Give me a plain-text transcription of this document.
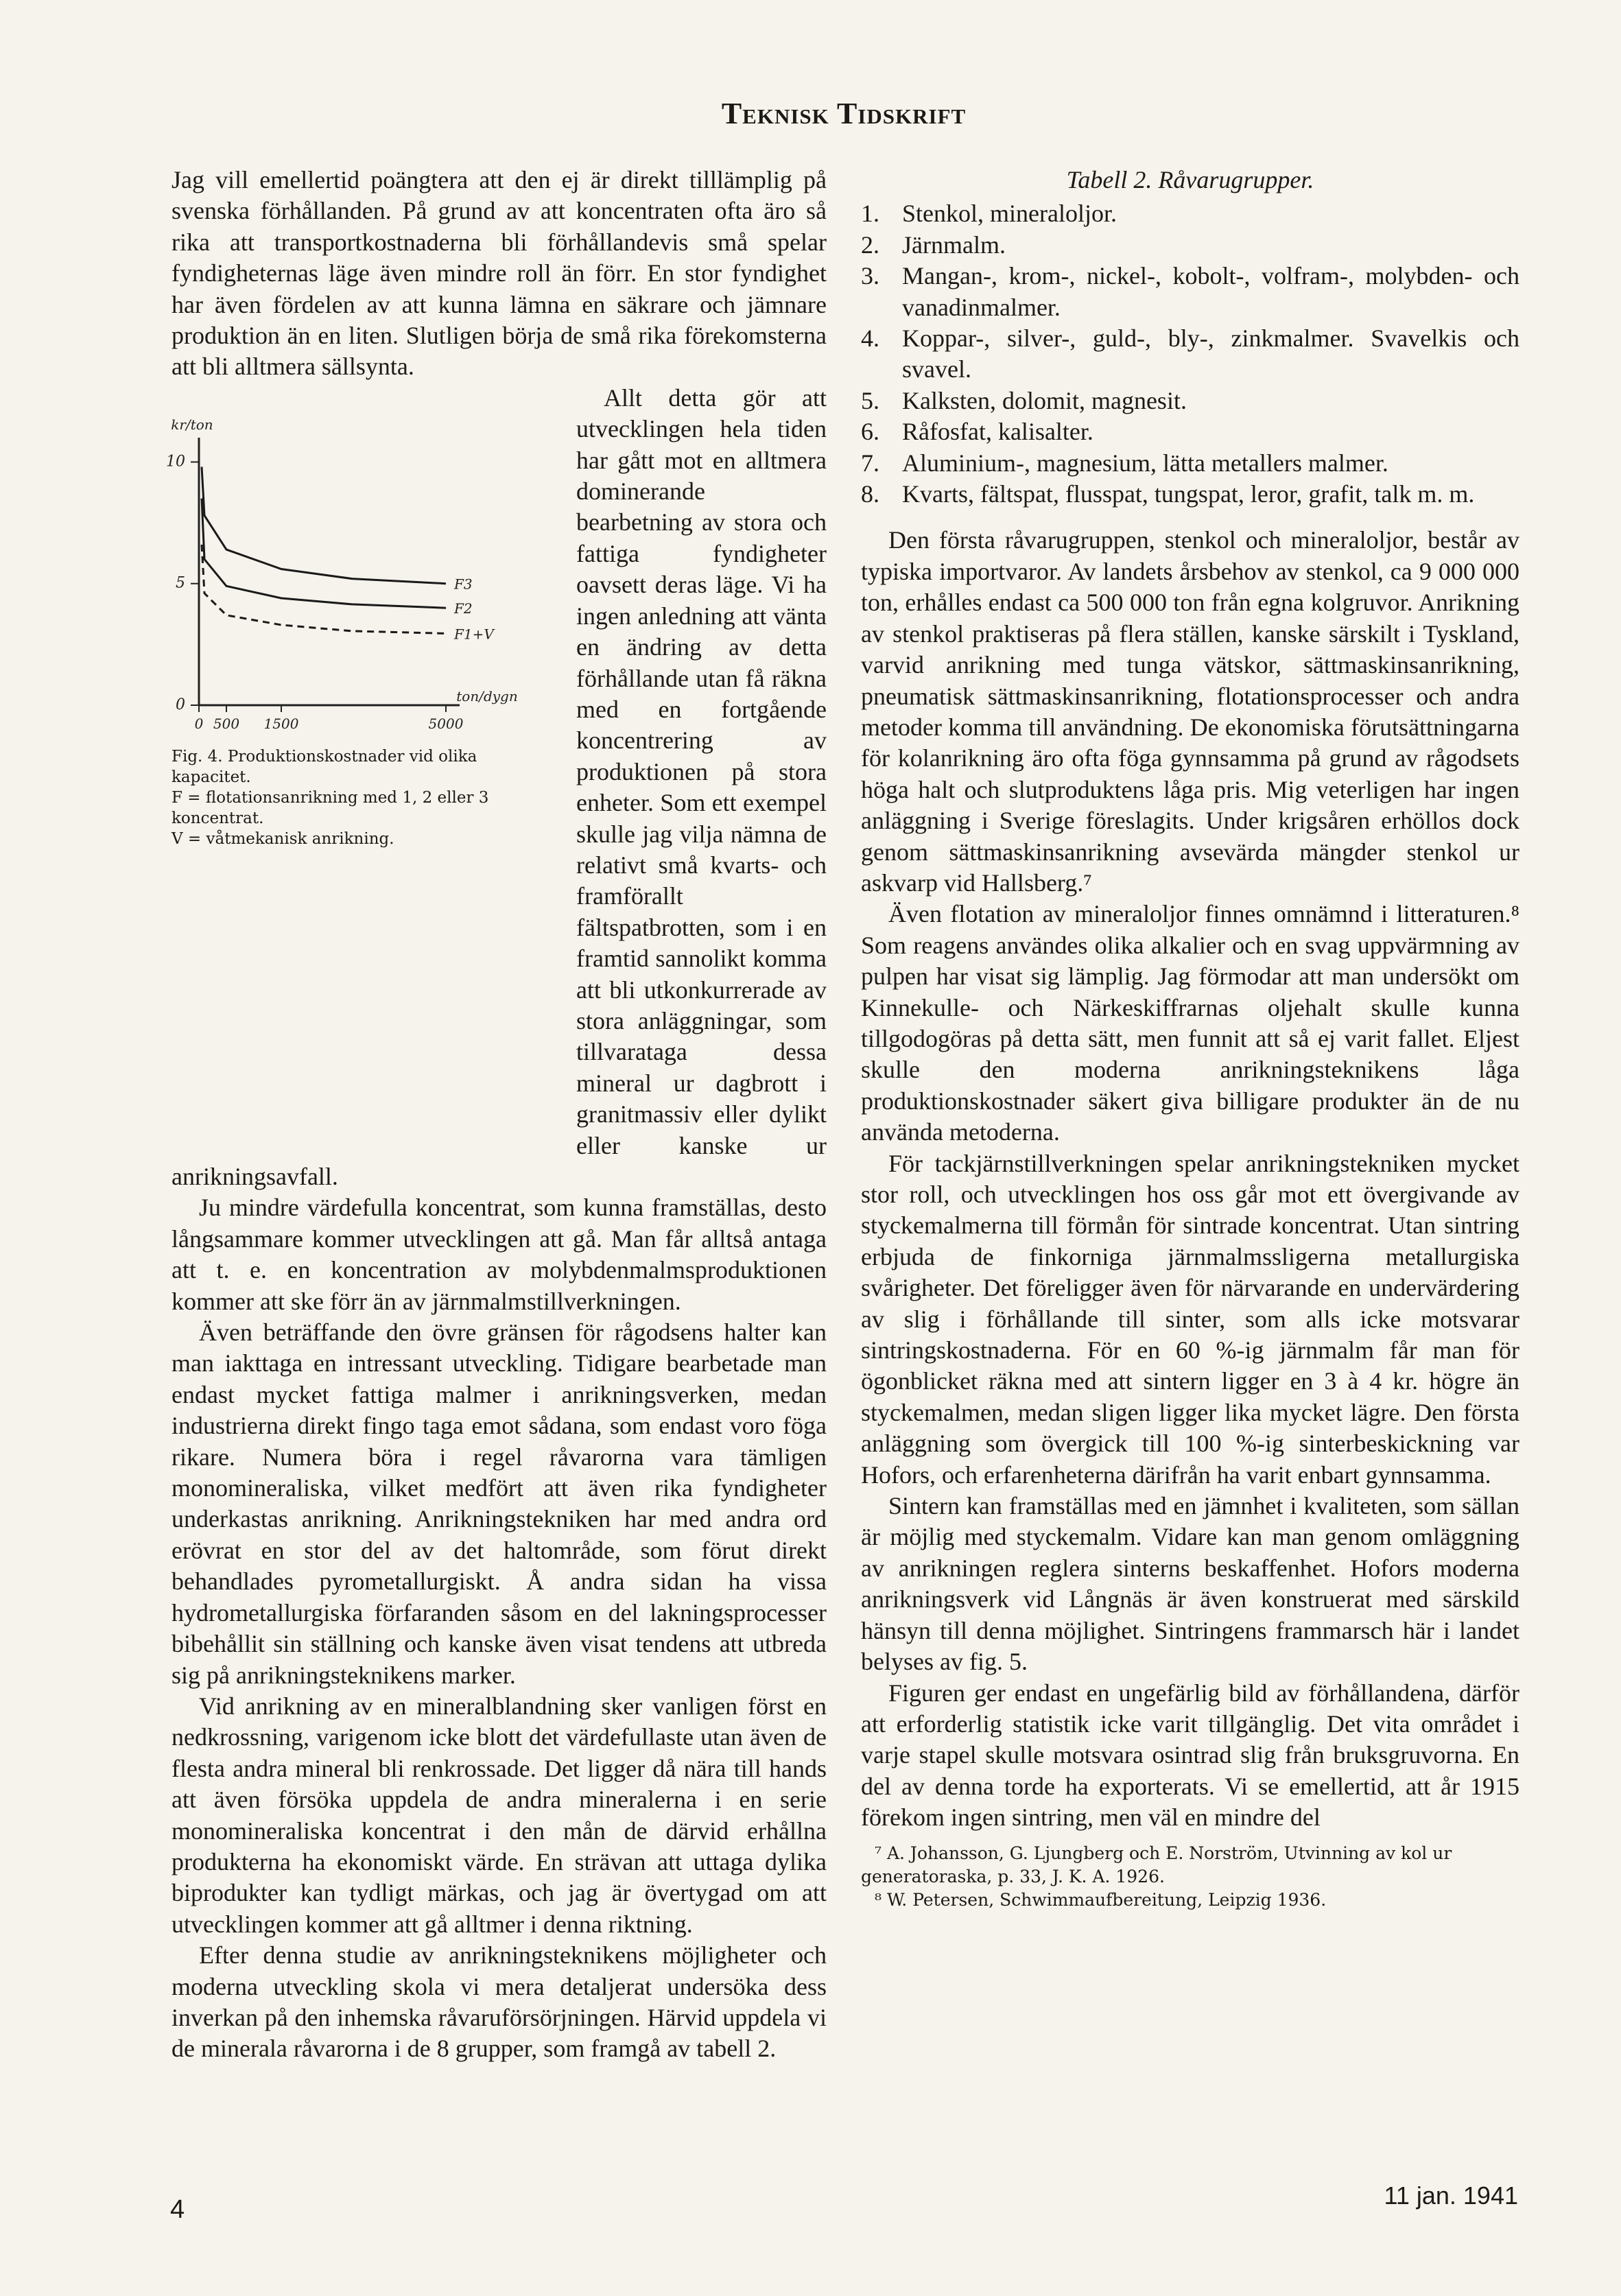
Teknisk Tidskrift

Jag vill emellertid poängtera att den ej är direkt tilllämplig på svenska förhållanden. På grund av att koncentraten ofta äro så rika att transportkostnaderna bli förhållandevis små spelar fyndigheternas läge även mindre roll än förr. En stor fyndighet har även fördelen av att kunna lämna en säkrare och jämnare produktion än en liten. Slutligen börja de små rika förekomsterna att bli alltmera sällsynta.

0
5
10
0 500 1500	5000
kr/ton
ton/dygn
F3
F2
F1+V
Fig. 4. Produktionskostnader vid olika kapacitet.
F = flotationsanrikning med 1, 2 eller 3 koncentrat.
V = våtmekanisk anrikning.

Allt detta gör att utvecklingen hela tiden har gått mot en alltmera dominerande bearbetning av stora och fattiga fyndigheter oavsett deras läge. Vi ha ingen anledning att vänta en ändring av detta förhållande utan få räkna med en fortgående koncentrering av produktionen på stora enheter. Som ett exempel skulle jag vilja nämna de relativt små kvarts- och framförallt fältspatbrotten, som i en framtid sannolikt komma att bli utkonkurrerade av stora anläggningar, som tillvarataga dessa mineral ur dagbrott i granitmassiv eller dylikt eller kanske ur anrikningsavfall.

Ju mindre värdefulla koncentrat, som kunna framställas, desto långsammare kommer utvecklingen att gå. Man får alltså antaga att t. e. en koncentration av molybdenmalmsproduktionen kommer att ske förr än av järnmalmstillverkningen.

Även beträffande den övre gränsen för rågodsens halter kan man iakttaga en intressant utveckling. Tidigare bearbetade man endast mycket fattiga malmer i anrikningsverken, medan industrierna direkt fingo taga emot sådana, som endast voro föga rikare. Numera böra i regel råvarorna vara tämligen monomineraliska, vilket medfört att även rika fyndigheter underkastas anrikning. Anrikningstekniken har med andra ord erövrat en stor del av det haltområde, som förut direkt behandlades pyrometallurgiskt. Å andra sidan ha vissa hydrometallurgiska förfaranden såsom en del lakningsprocesser bibehållit sin ställning och kanske även visat tendens att utbreda sig på anrikningsteknikens marker.

Vid anrikning av en mineralblandning sker vanligen först en nedkrossning, varigenom icke blott det värdefullaste utan även de flesta andra mineral bli renkrossade. Det ligger då nära till hands att även försöka uppdela de andra mineralerna i en serie monomineraliska koncentrat i den mån de därvid erhållna produkterna ha ekonomiskt värde. En strävan att uttaga dylika biprodukter kan tydligt märkas, och jag är övertygad om att utvecklingen kommer att gå alltmer i denna riktning.

Efter denna studie av anrikningsteknikens möjligheter och moderna utveckling skola vi mera detaljerat undersöka dess inverkan på den inhemska råvaruförsörjningen. Härvid uppdela vi de minerala råvarorna i de 8 grupper, som framgå av tabell 2.

Tabell 2. Råvarugrupper.
1. Stenkol, mineraloljor.
2. Järnmalm.
3. Mangan-, krom-, nickel-, kobolt-, volfram-, molybden- och vanadinmalmer.
4. Koppar-, silver-, guld-, bly-, zinkmalmer. Svavelkis och svavel.
5. Kalksten, dolomit, magnesit.
6. Råfosfat, kalisalter.
7. Aluminium-, magnesium, lätta metallers malmer.
8. Kvarts, fältspat, flusspat, tungspat, leror, grafit, talk m. m.

Den första råvarugruppen, stenkol och mineraloljor, består av typiska importvaror. Av landets årsbehov av stenkol, ca 9 000 000 ton, erhålles endast ca 500 000 ton från egna kolgruvor. Anrikning av stenkol praktiseras på flera ställen, kanske särskilt i Tyskland, varvid anrikning med tunga vätskor, sättmaskinsanrikning, pneumatisk sättmaskinsanrikning, flotationsprocesser och andra metoder komma till användning. De ekonomiska förutsättningarna för kolanrikning äro ofta föga gynnsamma på grund av rågodsets höga halt och slutproduktens låga pris. Mig veterligen har ingen anläggning i Sverige föreslagits. Under krigsåren erhöllos dock genom sättmaskinsanrikning avsevärda mängder stenkol ur askvarp vid Hallsberg.⁷

Även flotation av mineraloljor finnes omnämnd i litteraturen.⁸ Som reagens användes olika alkalier och en svag uppvärmning av pulpen har visat sig lämplig. Jag förmodar att man undersökt om Kinnekulle- och Närkeskiffrarnas oljehalt skulle kunna tillgodogöras på detta sätt, men funnit att så ej varit fallet. Eljest skulle den moderna anrikningsteknikens låga produktionskostnader säkert giva billigare produkter än de nu använda metoderna.

För tackjärnstillverkningen spelar anrikningstekniken mycket stor roll, och utvecklingen hos oss går mot ett övergivande av styckemalmerna till förmån för sintrade koncentrat. Utan sintring erbjuda de finkorniga järnmalmssligerna metallurgiska svårigheter. Det föreligger även för närvarande en undervärdering av slig i förhållande till sinter, som alls icke motsvarar sintringskostnaderna. För en 60 %-ig järnmalm får man för ögonblicket räkna med att sintern ligger en 3 à 4 kr. högre än styckemalmen, medan sligen ligger lika mycket lägre. Den första anläggning som övergick till 100 %-ig sinterbeskickning var Hofors, och erfarenheterna därifrån ha varit enbart gynnsamma.

Sintern kan framställas med en jämnhet i kvaliteten, som sällan är möjlig med styckemalm. Vidare kan man genom omläggning av anrikningen reglera sinterns beskaffenhet. Hofors moderna anrikningsverk vid Långnäs är även konstruerat med särskild hänsyn till denna möjlighet. Sintringens frammarsch här i landet belyses av fig. 5.

Figuren ger endast en ungefärlig bild av förhållandena, därför att erforderlig statistik icke varit tillgänglig. Det vita området i varje stapel skulle motsvara osintrad slig från bruksgruvorna. En del av denna torde ha exporterats. Vi se emellertid, att år 1915 förekom ingen sintring, men väl en mindre del

⁷ A. Johansson, G. Ljungberg och E. Norström, Utvinning av kol ur generatoraska, p. 33, J. K. A. 1926.
⁸ W. Petersen, Schwimmaufbereitung, Leipzig 1936.
4	11 jan. 1941
